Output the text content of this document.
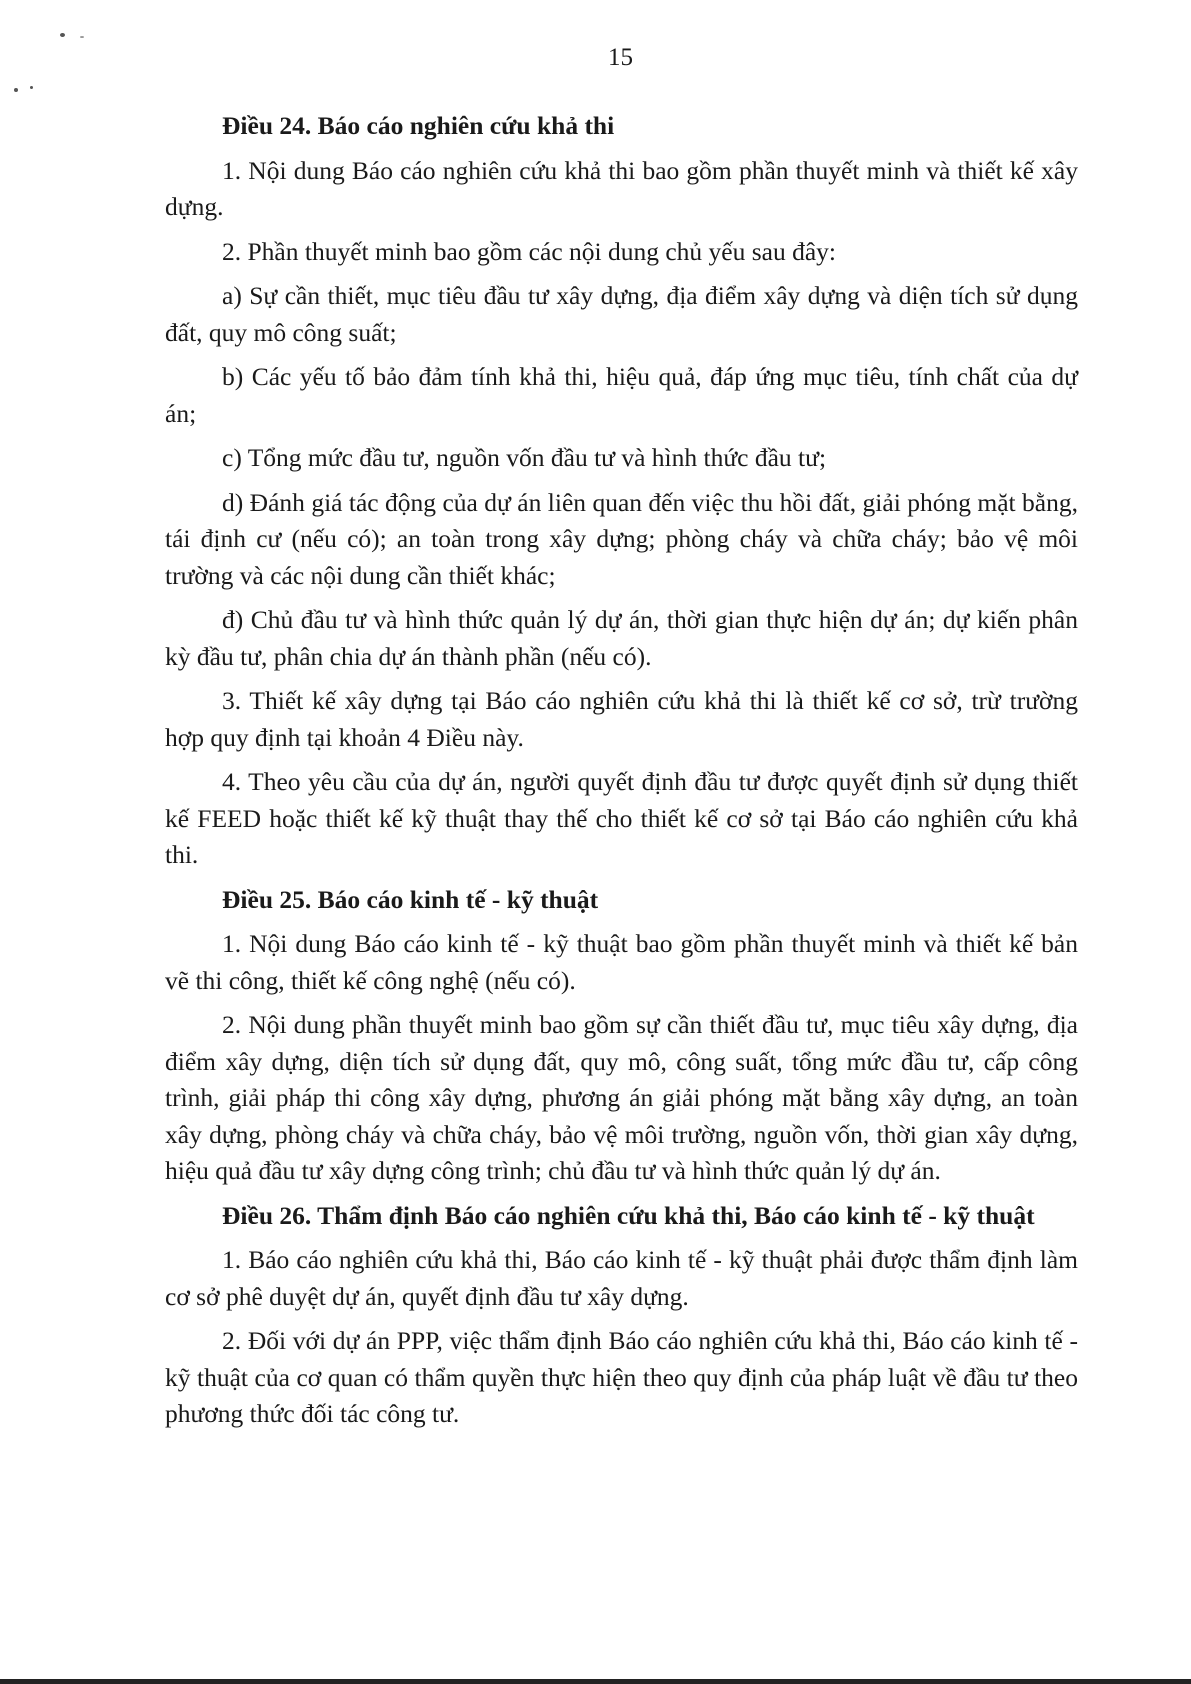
15
Điều 24. Báo cáo nghiên cứu khả thi

1. Nội dung Báo cáo nghiên cứu khả thi bao gồm phần thuyết minh và thiết kế xây dựng.

2. Phần thuyết minh bao gồm các nội dung chủ yếu sau đây:

a) Sự cần thiết, mục tiêu đầu tư xây dựng, địa điểm xây dựng và diện tích sử dụng đất, quy mô công suất;

b) Các yếu tố bảo đảm tính khả thi, hiệu quả, đáp ứng mục tiêu, tính chất của dự án;

c) Tổng mức đầu tư, nguồn vốn đầu tư và hình thức đầu tư;

d) Đánh giá tác động của dự án liên quan đến việc thu hồi đất, giải phóng mặt bằng, tái định cư (nếu có); an toàn trong xây dựng; phòng cháy và chữa cháy; bảo vệ môi trường và các nội dung cần thiết khác;

đ) Chủ đầu tư và hình thức quản lý dự án, thời gian thực hiện dự án; dự kiến phân kỳ đầu tư, phân chia dự án thành phần (nếu có).

3. Thiết kế xây dựng tại Báo cáo nghiên cứu khả thi là thiết kế cơ sở, trừ trường hợp quy định tại khoản 4 Điều này.

4. Theo yêu cầu của dự án, người quyết định đầu tư được quyết định sử dụng thiết kế FEED hoặc thiết kế kỹ thuật thay thế cho thiết kế cơ sở tại Báo cáo nghiên cứu khả thi.

Điều 25. Báo cáo kinh tế - kỹ thuật

1. Nội dung Báo cáo kinh tế - kỹ thuật bao gồm phần thuyết minh và thiết kế bản vẽ thi công, thiết kế công nghệ (nếu có).

2. Nội dung phần thuyết minh bao gồm sự cần thiết đầu tư, mục tiêu xây dựng, địa điểm xây dựng, diện tích sử dụng đất, quy mô, công suất, tổng mức đầu tư, cấp công trình, giải pháp thi công xây dựng, phương án giải phóng mặt bằng xây dựng, an toàn xây dựng, phòng cháy và chữa cháy, bảo vệ môi trường, nguồn vốn, thời gian xây dựng, hiệu quả đầu tư xây dựng công trình; chủ đầu tư và hình thức quản lý dự án.

Điều 26. Thẩm định Báo cáo nghiên cứu khả thi, Báo cáo kinh tế - kỹ thuật

1. Báo cáo nghiên cứu khả thi, Báo cáo kinh tế - kỹ thuật phải được thẩm định làm cơ sở phê duyệt dự án, quyết định đầu tư xây dựng.

2. Đối với dự án PPP, việc thẩm định Báo cáo nghiên cứu khả thi, Báo cáo kinh tế - kỹ thuật của cơ quan có thẩm quyền thực hiện theo quy định của pháp luật về đầu tư theo phương thức đối tác công tư.
